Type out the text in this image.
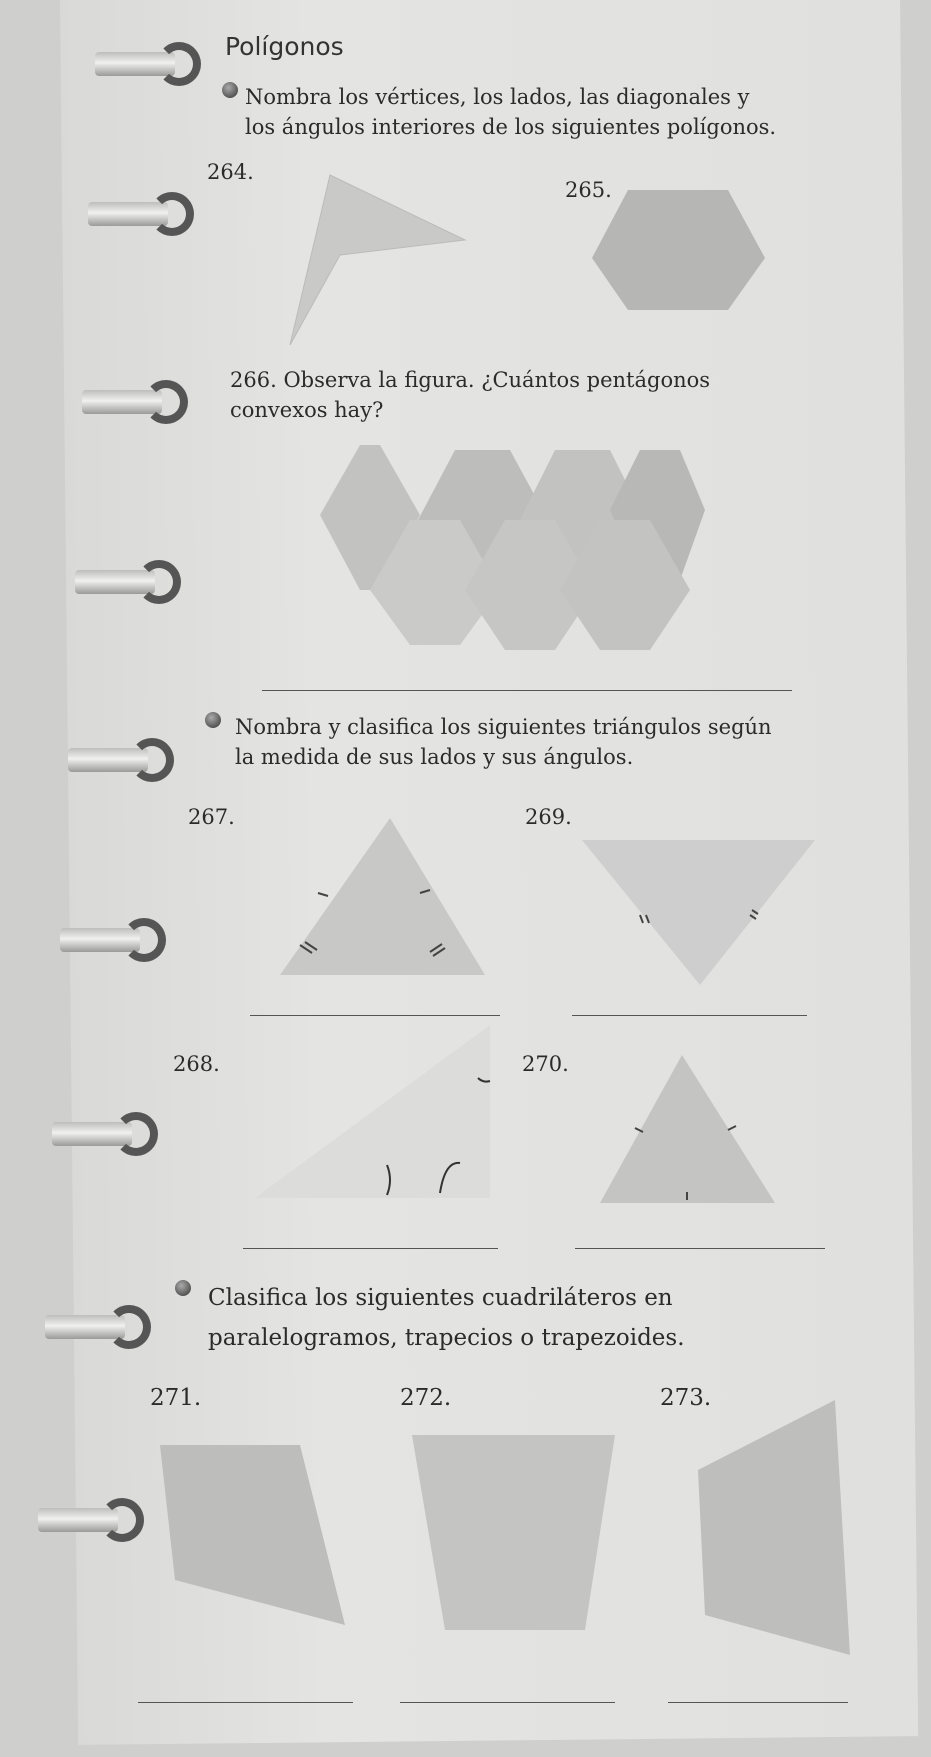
Polígonos
Nombra los vértices, los lados, las diagonales y los ángulos interiores de los siguientes polígonos.
264.
265.
266. Observa la figura. ¿Cuántos pentágonos convexos hay?
Nombra y clasifica los siguientes triángulos según la medida de sus lados y sus ángulos.
267.	269.
268.	270.
Clasifica los siguientes cuadriláteros en paralelogramos, trapecios o trapezoides.
271.	272.	273.
